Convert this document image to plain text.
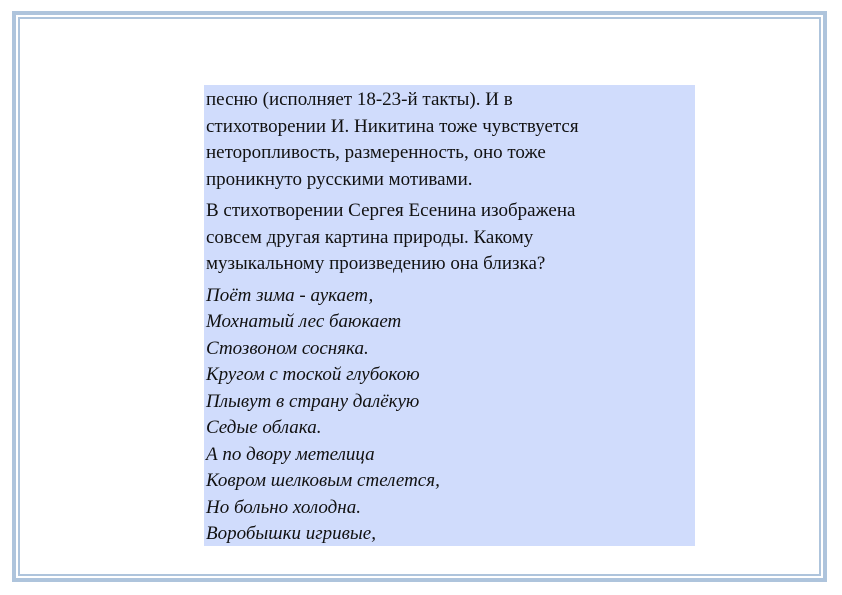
песню (исполняет 18-23-й такты). И в
стихотворении И. Никитина тоже чувствуется
неторопливость, размеренность, оно тоже
проникнуто русскими мотивами.
В стихотворении Сергея Есенина изображена
совсем другая картина природы. Какому
музыкальному произведению она близка?
Поёт зима - аукает,
Мохнатый лес баюкает
Стозвоном сосняка.
Кругом с тоской глубокою
Плывут в страну далёкую
Седые облака.
А по двору метелица
Ковром шелковым стелется,
Но больно холодна.
Воробышки игривые,
